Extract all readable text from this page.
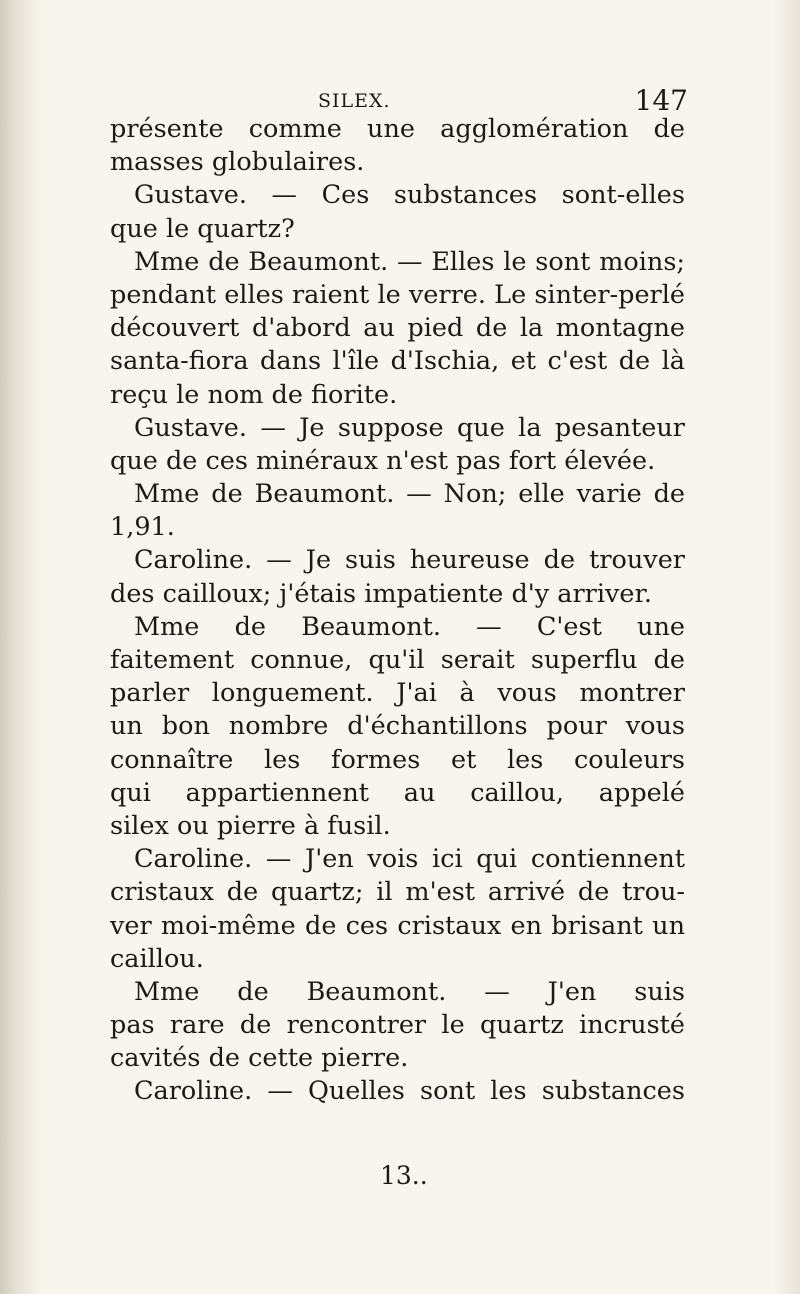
SILEX.	147
présente comme une agglomération de
masses globulaires.
Gustave. — Ces substances sont-elles
que le quartz?
Mme de Beaumont. — Elles le sont moins;
pendant elles raient le verre. Le sinter-perlé
découvert d'abord au pied de la montagne
santa-fiora dans l'île d'Ischia, et c'est de là
reçu le nom de fiorite.
Gustave. — Je suppose que la pesanteur
que de ces minéraux n'est pas fort élevée.
Mme de Beaumont. — Non; elle varie de
1,91.
Caroline. — Je suis heureuse de trouver
des cailloux; j'étais impatiente d'y arriver.
Mme de Beaumont. — C'est une
faitement connue, qu'il serait superflu de
parler longuement. J'ai à vous montrer
un bon nombre d'échantillons pour vous
connaître les formes et les couleurs
qui appartiennent au caillou, appelé
silex ou pierre à fusil.
Caroline. — J'en vois ici qui contiennent
cristaux de quartz; il m'est arrivé de trou-
ver moi-même de ces cristaux en brisant un
caillou.
Mme de Beaumont. — J'en suis
pas rare de rencontrer le quartz incrusté
cavités de cette pierre.
Caroline. — Quelles sont les substances
13..
